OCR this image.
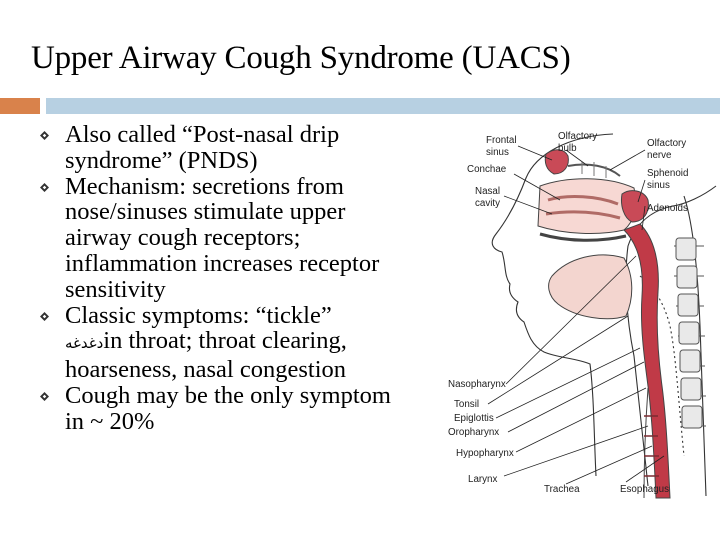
Upper Airway Cough Syndrome (UACS)
Also called “Post-nasal drip
syndrome” (PNDS)
Mechanism: secretions from
nose/sinuses stimulate upper
airway cough receptors;
inflammation increases receptor
sensitivity
Classic symptoms: “tickle”
دغدغهin throat; throat clearing,
hoarseness, nasal congestion
Cough may be the only symptom
in ~ 20%
Frontal
sinus
Conchae
Nasal
cavity
Olfactory
bulb	Olfactory
nerve
Sphenoid
sinus
Adenoids
Nasopharynx
Tonsil
Epiglottis
Oropharynx
Hypopharynx
Larynx
Trachea	Esophagus
